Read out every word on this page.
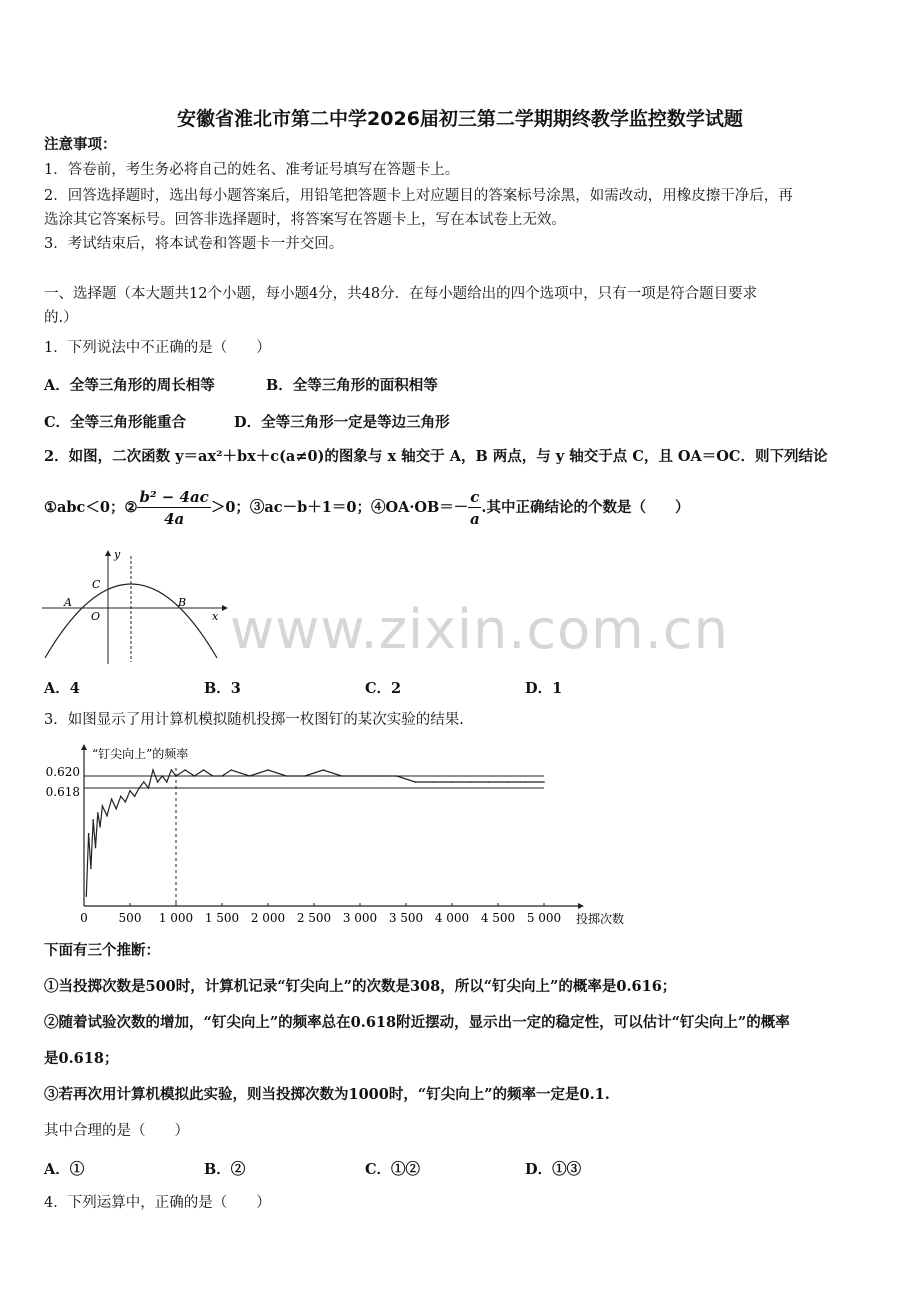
安徽省淮北市第二中学2026届初三第二学期期终教学监控数学试题
注意事项：
1．答卷前，考生务必将自己的姓名、准考证号填写在答题卡上。
2．回答选择题时，选出每小题答案后，用铅笔把答题卡上对应题目的答案标号涂黑，如需改动，用橡皮擦干净后，再
选涂其它答案标号。回答非选择题时，将答案写在答题卡上，写在本试卷上无效。
3．考试结束后，将本试卷和答题卡一并交回。
一、选择题（本大题共12个小题，每小题4分，共48分．在每小题给出的四个选项中，只有一项是符合题目要求
的.）
1．下列说法中不正确的是（　　）
A．全等三角形的周长相等	B．全等三角形的面积相等
C．全等三角形能重合	D．全等三角形一定是等边三角形
2．如图，二次函数 y＝ax²＋bx＋c(a≠0)的图象与 x 轴交于 A，B 两点，与 y 轴交于点 C，且 OA＝OC．则下列结论
①abc＜0；② $\frac{\text{b² − 4ac}}{4a} >0$；③ac－b＋1＝0；④OA·OB＝－ $\frac{c}{a}$ .其中正确结论的个数是（　　）
y
x
A	B
C
O www.zixin.com.cn
A．4	B．3	C．2	D．1
3．如图显示了用计算机模拟随机投掷一枚图钉的某次实验的结果.
“钉尖向上”的频率
投掷次数
0.618
0.620
0	500 1 000 1 500 2 000 2 500 3 000 3 500 4 000 4 500 5 000
下面有三个推断：
①当投掷次数是500时，计算机记录“钉尖向上”的次数是308，所以“钉尖向上”的概率是0.616；
②随着试验次数的增加，“钉尖向上”的频率总在0.618附近摆动，显示出一定的稳定性，可以估计“钉尖向上”的概率
是0.618；
③若再次用计算机模拟此实验，则当投掷次数为1000时，“钉尖向上”的频率一定是0.1.
其中合理的是（　　）
A．①	B．②	C．①②	D．①③
4．下列运算中，正确的是（　　）
